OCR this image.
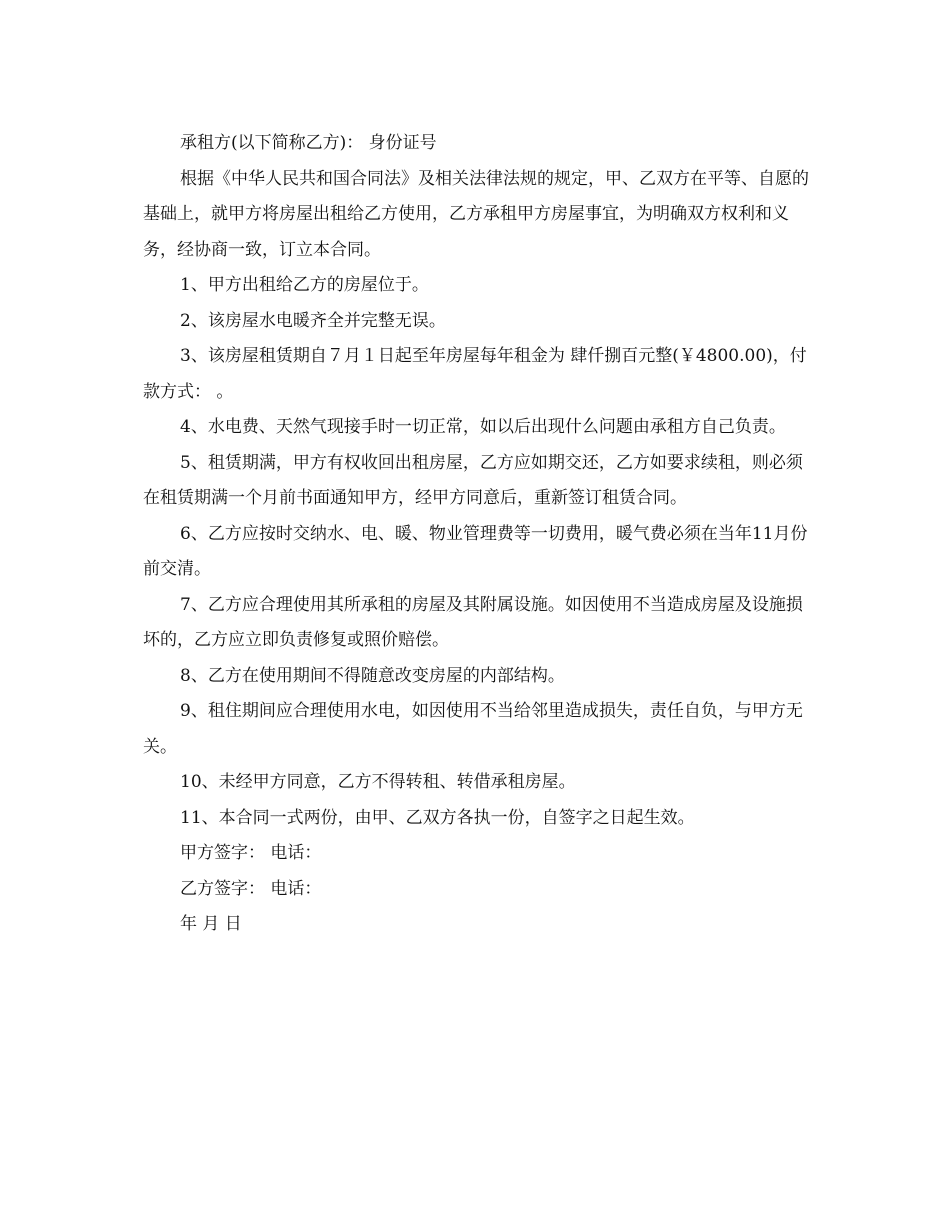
承租方(以下简称乙方)： 身份证号

根据《中华人民共和国合同法》及相关法律法规的规定，甲、乙双方在平等、自愿的基础上，就甲方将房屋出租给乙方使用，乙方承租甲方房屋事宜，为明确双方权利和义务，经协商一致，订立本合同。

1、甲方出租给乙方的房屋位于。

2、该房屋水电暖齐全并完整无误。

3、该房屋租赁期自７月１日起至年房屋每年租金为 肆仟捌百元整(￥4800.00)，付款方式： 。

4、水电费、天然气现接手时一切正常，如以后出现什么问题由承租方自己负责。

5、租赁期满，甲方有权收回出租房屋，乙方应如期交还，乙方如要求续租，则必须在租赁期满一个月前书面通知甲方，经甲方同意后，重新签订租赁合同。

6、乙方应按时交纳水、电、暖、物业管理费等一切费用，暖气费必须在当年11月份前交清。

7、乙方应合理使用其所承租的房屋及其附属设施。如因使用不当造成房屋及设施损坏的，乙方应立即负责修复或照价赔偿。

8、乙方在使用期间不得随意改变房屋的内部结构。

9、租住期间应合理使用水电，如因使用不当给邻里造成损失，责任自负，与甲方无关。

10、未经甲方同意，乙方不得转租、转借承租房屋。

11、本合同一式两份，由甲、乙双方各执一份，自签字之日起生效。

甲方签字： 电话：

乙方签字： 电话：

年 月 日
